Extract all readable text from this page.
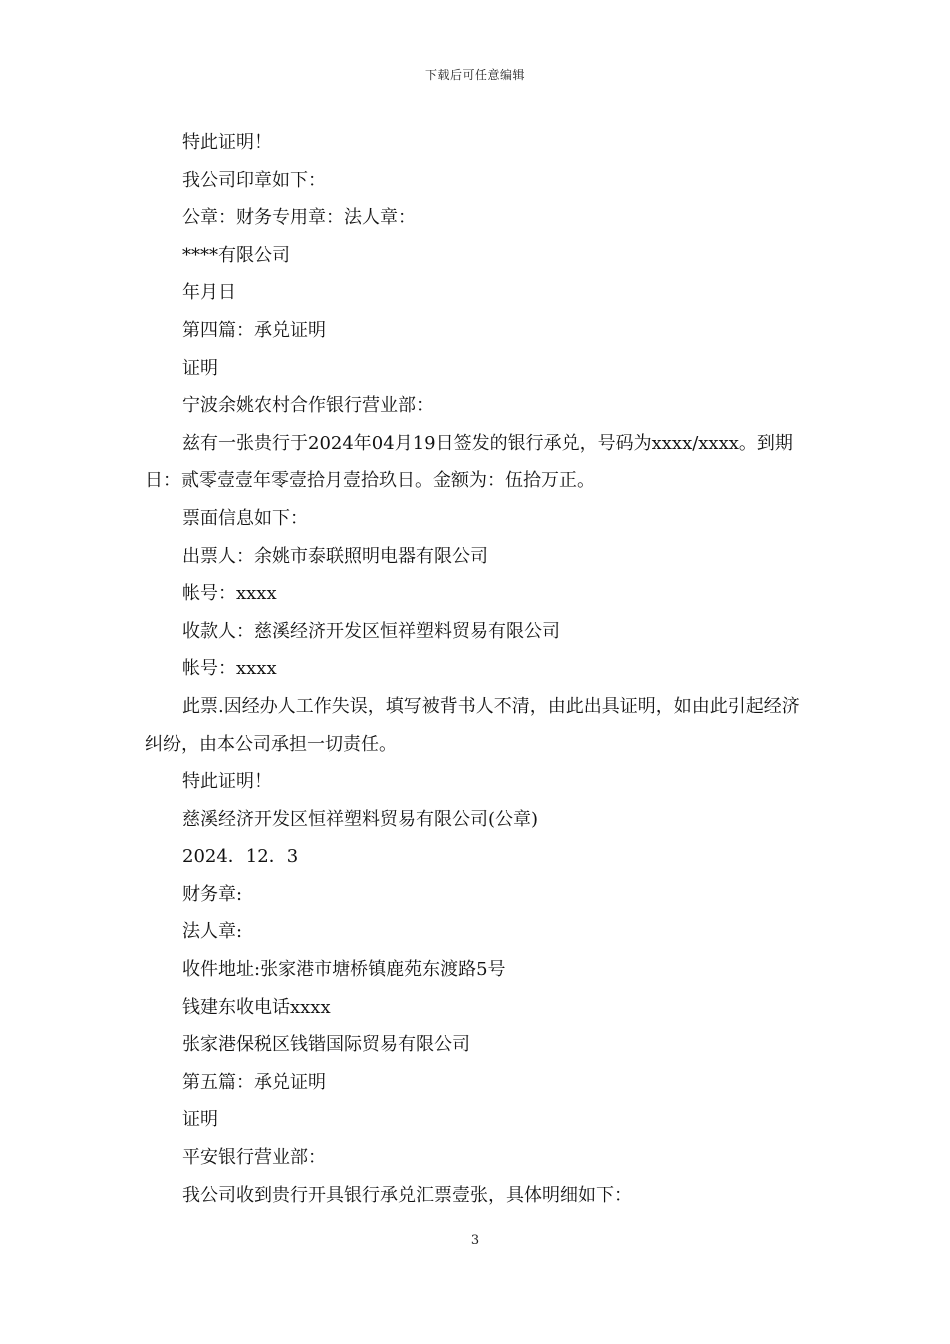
下载后可任意编辑

特此证明！

我公司印章如下：

公章：财务专用章：法人章：

****有限公司

年月日

第四篇：承兑证明

证明

宁波余姚农村合作银行营业部：

兹有一张贵行于2024年04月19日签发的银行承兑，号码为xxxx/xxxx。到期日：贰零壹壹年零壹拾月壹拾玖日。金额为：伍拾万正。

票面信息如下：

出票人：余姚市泰联照明电器有限公司

帐号：xxxx

收款人：慈溪经济开发区恒祥塑料贸易有限公司

帐号：xxxx

此票.因经办人工作失误，填写被背书人不清，由此出具证明，如由此引起经济纠纷，由本公司承担一切责任。

特此证明！

慈溪经济开发区恒祥塑料贸易有限公司(公章)

2024．12．3

财务章:

法人章:

收件地址:张家港市塘桥镇鹿苑东渡路5号

钱建东收电话xxxx

张家港保税区钱锴国际贸易有限公司

第五篇：承兑证明

证明

平安银行营业部：

我公司收到贵行开具银行承兑汇票壹张，具体明细如下：

3
